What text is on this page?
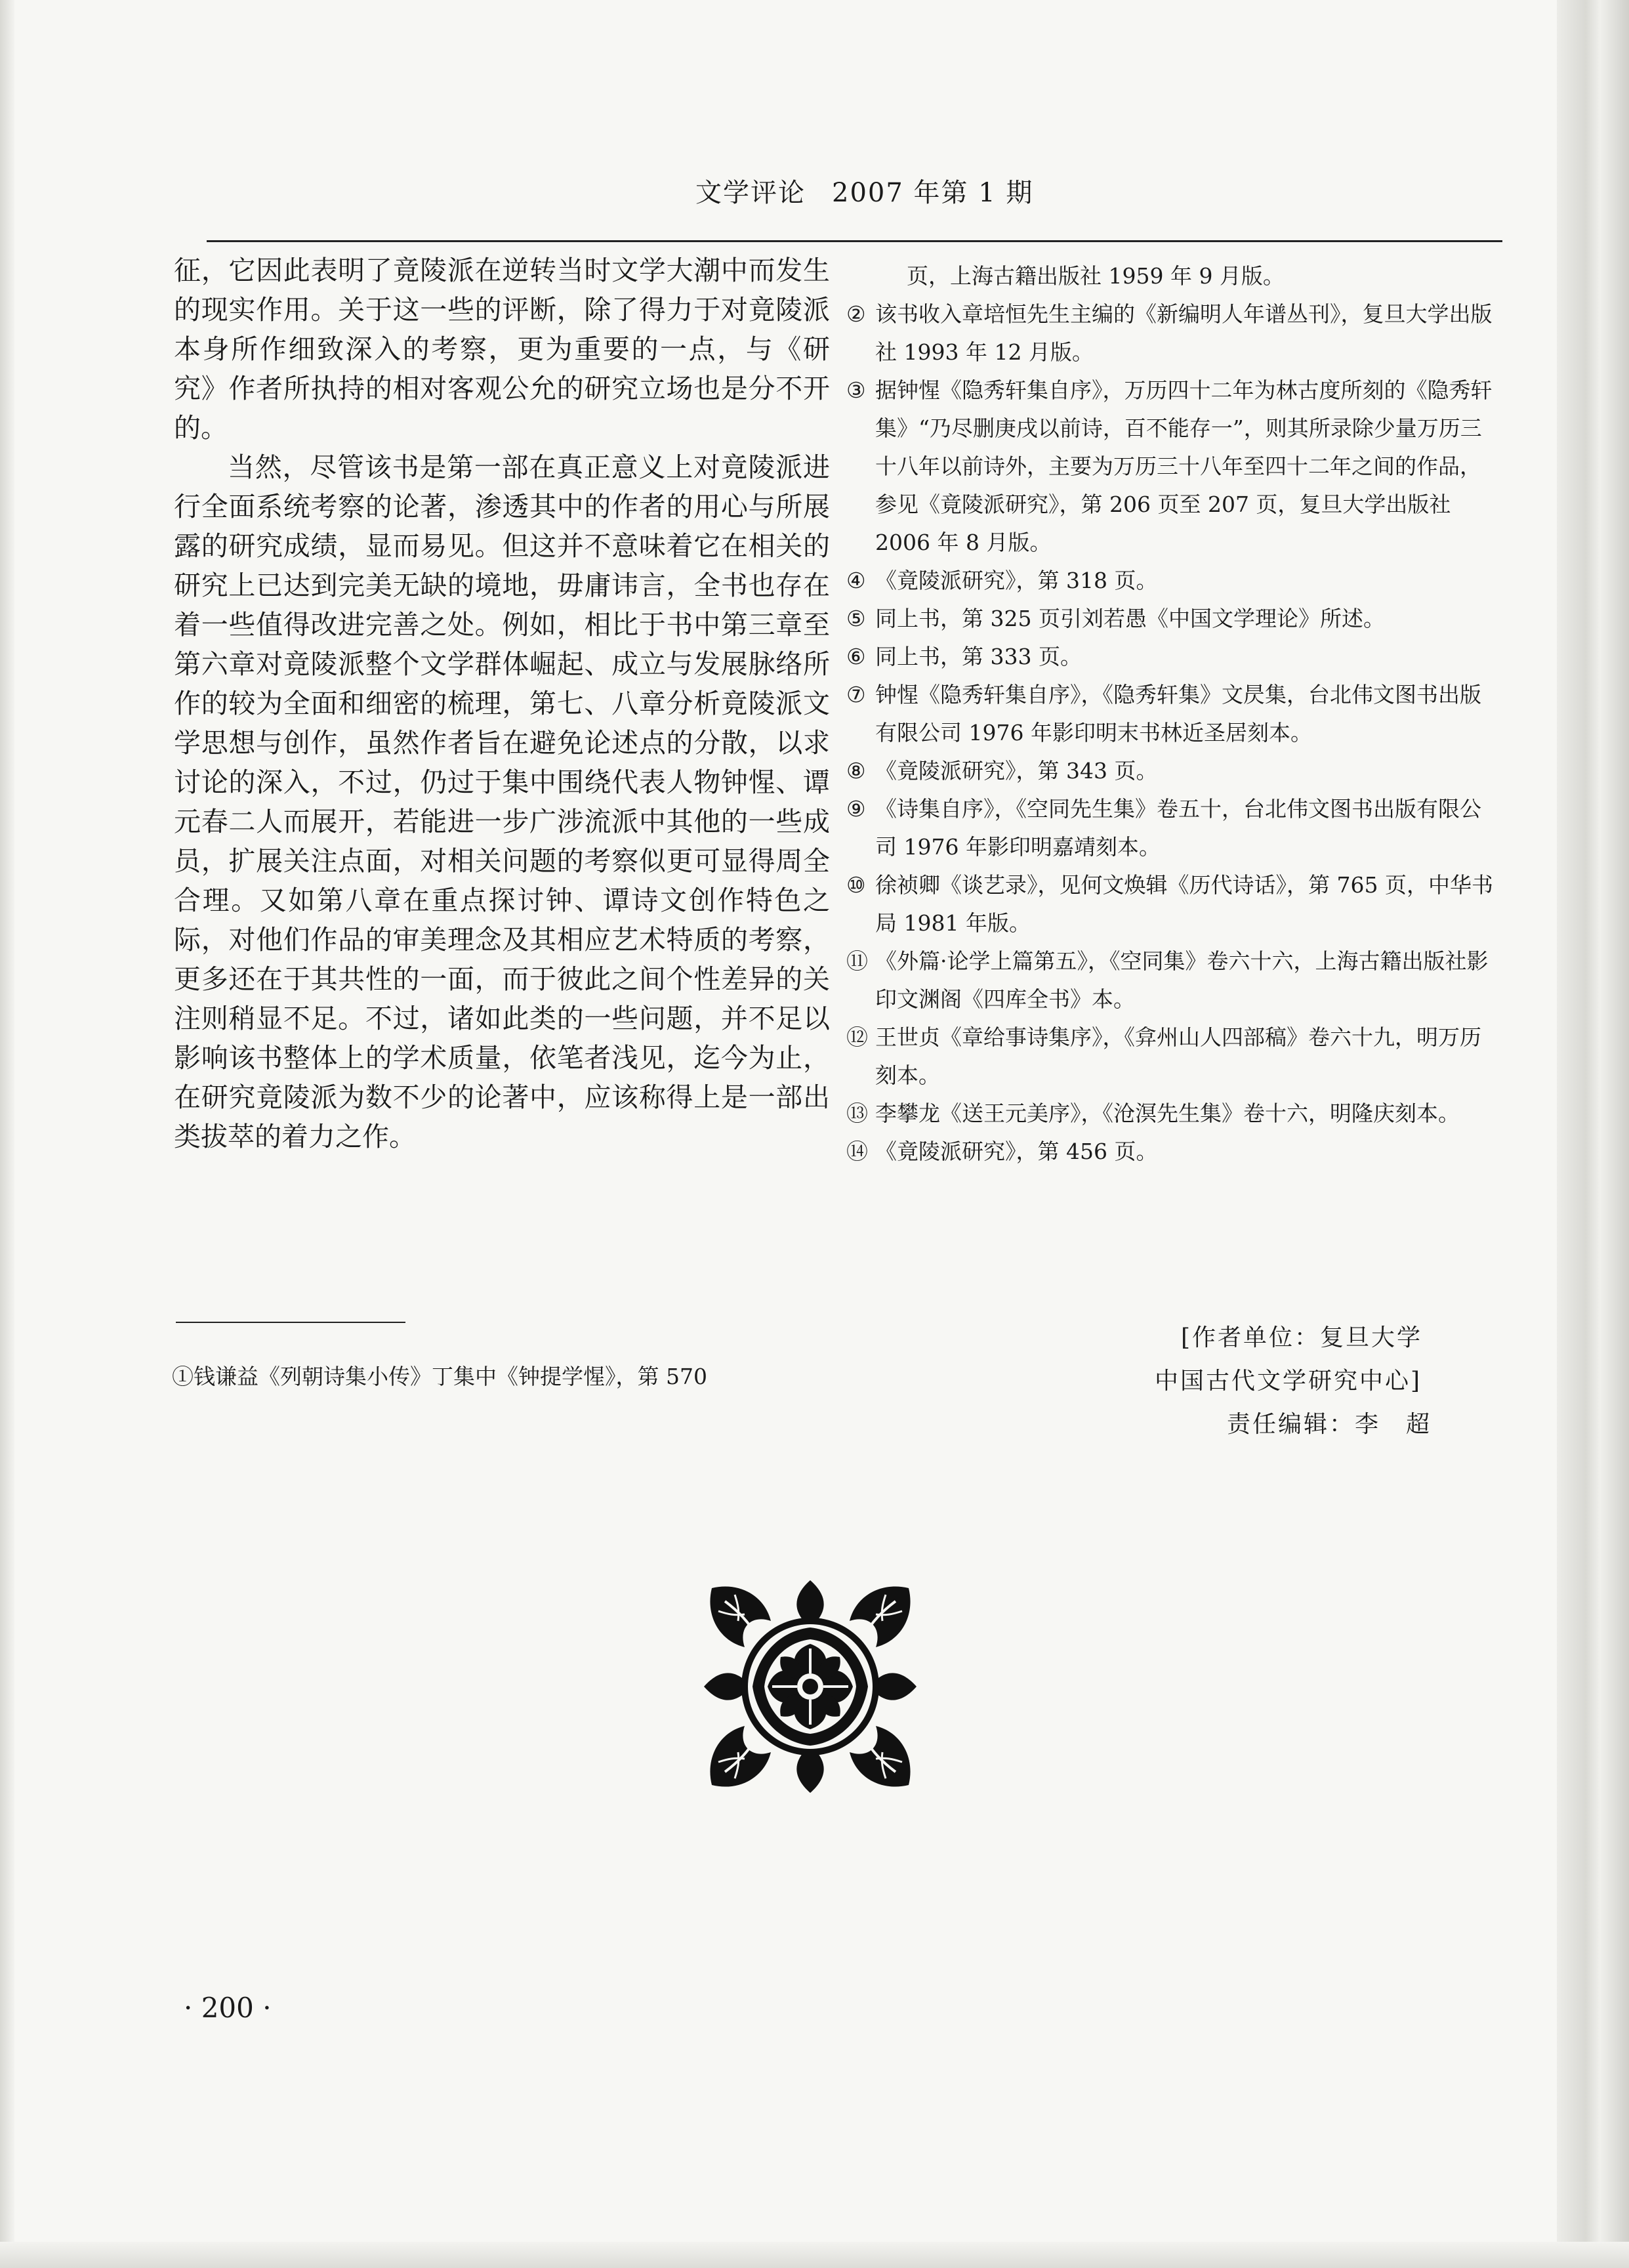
文学评论 2007 年第 1 期

征，它因此表明了竟陵派在逆转当时文学大潮中而发生的现实作用。关于这一些的评断，除了得力于对竟陵派本身所作细致深入的考察，更为重要的一点，与《研究》作者所执持的相对客观公允的研究立场也是分不开的。

当然，尽管该书是第一部在真正意义上对竟陵派进行全面系统考察的论著，渗透其中的作者的用心与所展露的研究成绩，显而易见。但这并不意味着它在相关的研究上已达到完美无缺的境地，毋庸讳言，全书也存在着一些值得改进完善之处。例如，相比于书中第三章至第六章对竟陵派整个文学群体崛起、成立与发展脉络所作的较为全面和细密的梳理，第七、八章分析竟陵派文学思想与创作，虽然作者旨在避免论述点的分散，以求讨论的深入，不过，仍过于集中围绕代表人物钟惺、谭元春二人而展开，若能进一步广涉流派中其他的一些成员，扩展关注点面，对相关问题的考察似更可显得周全合理。又如第八章在重点探讨钟、谭诗文创作特色之际，对他们作品的审美理念及其相应艺术特质的考察，更多还在于其共性的一面，而于彼此之间个性差异的关注则稍显不足。不过，诸如此类的一些问题，并不足以影响该书整体上的学术质量，依笔者浅见，迄今为止，在研究竟陵派为数不少的论著中，应该称得上是一部出类拔萃的着力之作。

①钱谦益《列朝诗集小传》丁集中《钟提学惺》，第 570
页，上海古籍出版社 1959 年 9 月版。
② 该书收入章培恒先生主编的《新编明人年谱丛刊》，复旦大学出版社 1993 年 12 月版。
③ 据钟惺《隐秀轩集自序》，万历四十二年为林古度所刻的《隐秀轩集》“乃尽删庚戌以前诗，百不能存一”，则其所录除少量万历三十八年以前诗外，主要为万历三十八年至四十二年之间的作品，参见《竟陵派研究》，第 206 页至 207 页，复旦大学出版社 2006 年 8 月版。
④ 《竟陵派研究》，第 318 页。
⑤ 同上书，第 325 页引刘若愚《中国文学理论》所述。
⑥ 同上书，第 333 页。
⑦ 钟惺《隐秀轩集自序》，《隐秀轩集》文昃集，台北伟文图书出版有限公司 1976 年影印明末书林近圣居刻本。
⑧ 《竟陵派研究》，第 343 页。
⑨ 《诗集自序》，《空同先生集》卷五十，台北伟文图书出版有限公司 1976 年影印明嘉靖刻本。
⑩ 徐祯卿《谈艺录》，见何文焕辑《历代诗话》，第 765 页，中华书局 1981 年版。
⑪ 《外篇·论学上篇第五》，《空同集》卷六十六，上海古籍出版社影印文渊阁《四库全书》本。
⑫ 王世贞《章给事诗集序》，《弇州山人四部稿》卷六十九，明万历刻本。
⑬ 李攀龙《送王元美序》，《沧溟先生集》卷十六，明隆庆刻本。
⑭ 《竟陵派研究》，第 456 页。
[作者单位：复旦大学
中国古代文学研究中心]
责任编辑：李　超
· 200 ·
